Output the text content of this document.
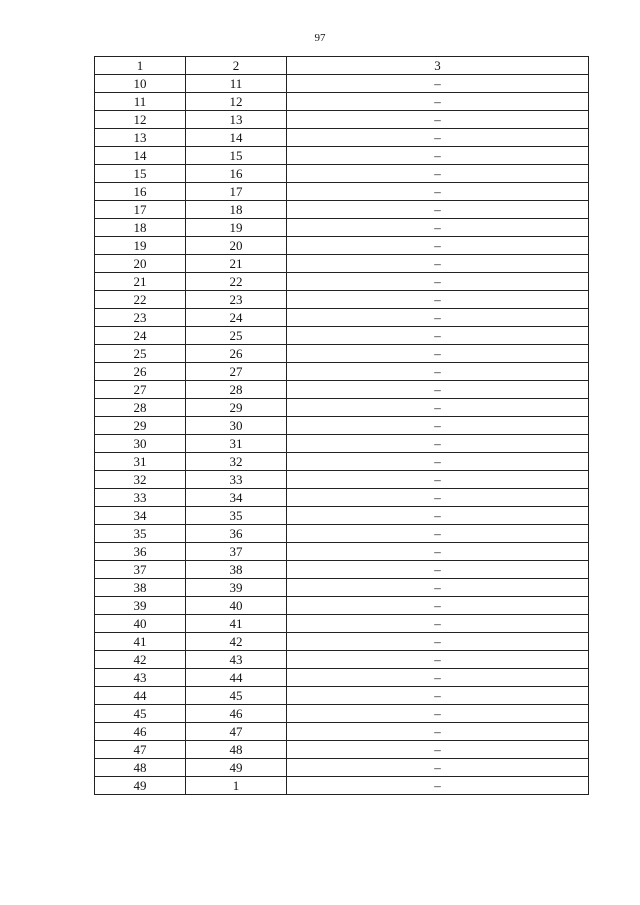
97
1	2	3
10	11	–
11	12	–
12	13	–
13	14	–
14	15	–
15	16	–
16	17	–
17	18	–
18	19	–
19	20	–
20	21	–
21	22	–
22	23	–
23	24	–
24	25	–
25	26	–
26	27	–
27	28	–
28	29	–
29	30	–
30	31	–
31	32	–
32	33	–
33	34	–
34	35	–
35	36	–
36	37	–
37	38	–
38	39	–
39	40	–
40	41	–
41	42	–
42	43	–
43	44	–
44	45	–
45	46	–
46	47	–
47	48	–
48	49	–
49	1	–
